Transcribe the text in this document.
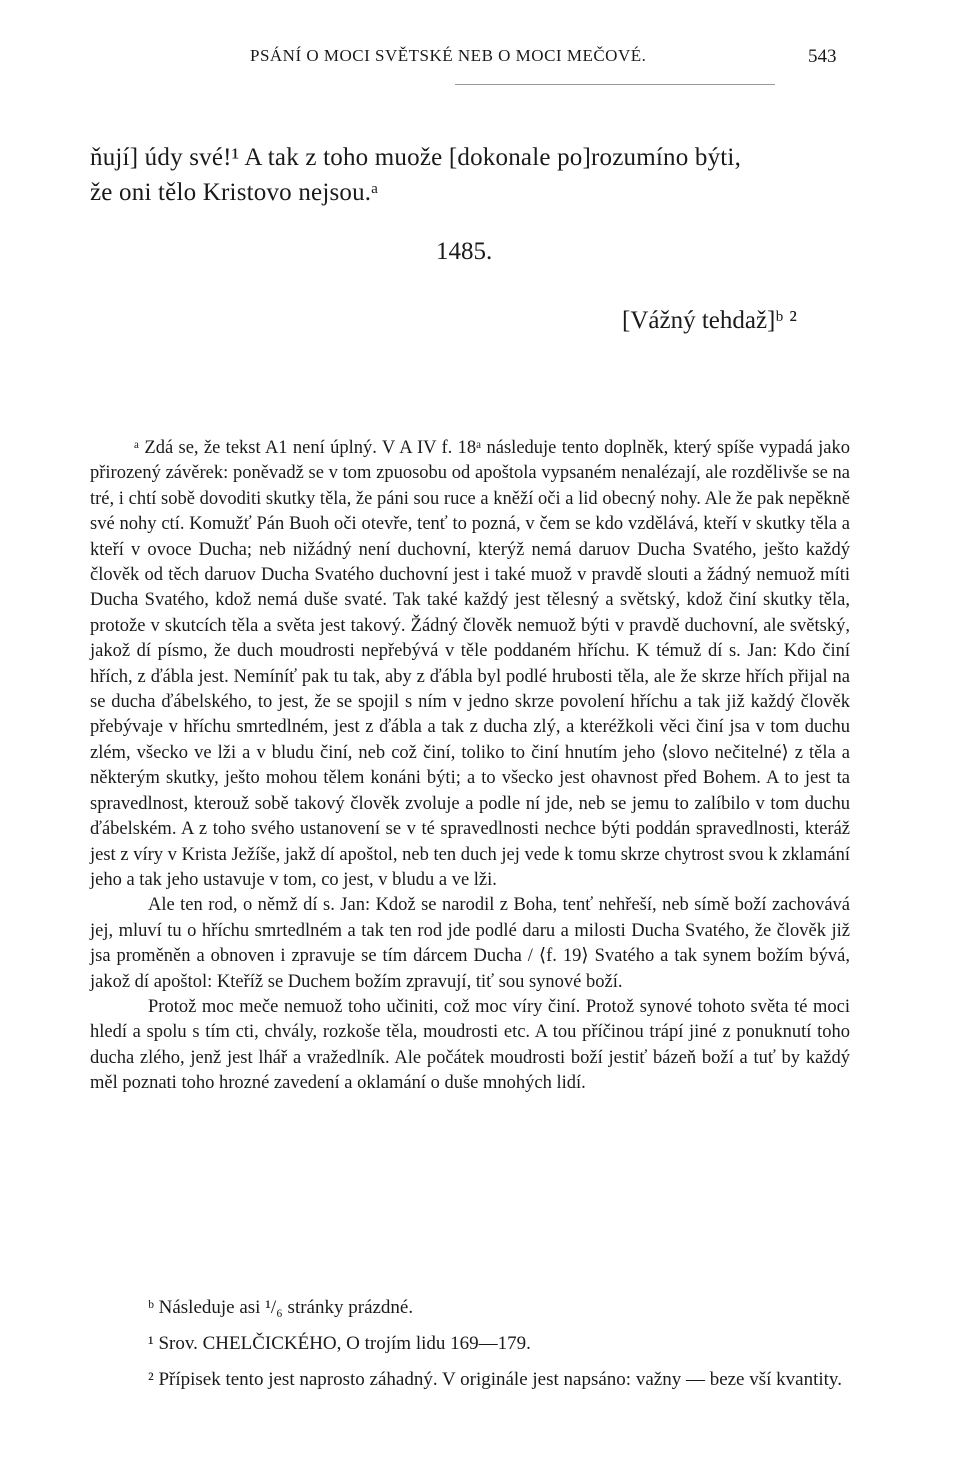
PSÁNÍ O MOCI SVĚTSKÉ NEB O MOCI MEČOVÉ.	543
ňují] údy své!¹ A tak z toho muože [dokonale po]rozumíno býti,
že oni tělo Kristovo nejsou.ᵃ
1485.
[Vážný tehdaž]ᵇ ²

ᵃ Zdá se, že tekst A1 není úplný. V A IV f. 18ᵃ následuje tento doplněk, který spíše vypadá jako přirozený závěrek: poněvadž se v tom zpuosobu od apoštola vypsaném nenalézají, ale rozdělivše se na tré, i chtí sobě dovoditi skutky těla, že páni sou ruce a kněží oči a lid obecný nohy. Ale že pak nepěkně své nohy ctí. Komužť Pán Buoh oči otevře, tenť to pozná, v čem se kdo vzdělává, kteří v skutky těla a kteří v ovoce Ducha; neb nižádný není duchovní, kterýž nemá daruov Ducha Svatého, ješto každý člověk od těch daruov Ducha Svatého duchovní jest i také muož v pravdě slouti a žádný nemuož míti Ducha Svatého, kdož nemá duše svaté. Tak také každý jest tělesný a světský, kdož činí skutky těla, protože v skutcích těla a světa jest takový. Žádný člověk nemuož býti v pravdě duchovní, ale světský, jakož dí písmo, že duch moudrosti nepřebývá v těle poddaném hříchu. K témuž dí s. Jan: Kdo činí hřích, z ďábla jest. Nemíníť pak tu tak, aby z ďábla byl podlé hrubosti těla, ale že skrze hřích přijal na se ducha ďábelského, to jest, že se spojil s ním v jedno skrze povolení hříchu a tak již každý člověk přebývaje v hříchu smrtedlném, jest z ďábla a tak z ducha zlý, a kteréžkoli věci činí jsa v tom duchu zlém, všecko ve lži a v bludu činí, neb což činí, toliko to činí hnutím jeho ⟨slovo nečitelné⟩ z těla a některým skutky, ješto mohou tělem konáni býti; a to všecko jest ohavnost před Bohem. A to jest ta spravedlnost, kterouž sobě takový člověk zvoluje a podle ní jde, neb se jemu to zalíbilo v tom duchu ďábelském. A z toho svého ustanovení se v té spravedlnosti nechce býti poddán spravedlnosti, kteráž jest z víry v Krista Ježíše, jakž dí apoštol, neb ten duch jej vede k tomu skrze chytrost svou k zklamání jeho a tak jeho ustavuje v tom, co jest, v bludu a ve lži.

Ale ten rod, o němž dí s. Jan: Kdož se narodil z Boha, tenť nehřeší, neb símě boží zachovává jej, mluví tu o hříchu smrtedlném a tak ten rod jde podlé daru a milosti Ducha Svatého, že člověk již jsa proměněn a obnoven i zpravuje se tím dárcem Ducha / ⟨f. 19⟩ Svatého a tak synem božím bývá, jakož dí apoštol: Kteříž se Duchem božím zpravují, tiť sou synové boží.

Protož moc meče nemuož toho učiniti, což moc víry činí. Protož synové tohoto světa té moci hledí a spolu s tím cti, chvály, rozkoše těla, moudrosti etc. A tou příčinou trápí jiné z ponuknutí toho ducha zlého, jenž jest lhář a vražedlník. Ale počátek moudrosti boží jestiť bázeň boží a tuť by každý měl poznati toho hrozné zavedení a oklamání o duše mnohých lidí.

ᵇ Následuje asi ¹/₆ stránky prázdné.

¹ Srov. CHELČICKÉHO, O trojím lidu 169—179.

² Přípisek tento jest naprosto záhadný. V originále jest napsáno: važny — beze vší kvantity.
